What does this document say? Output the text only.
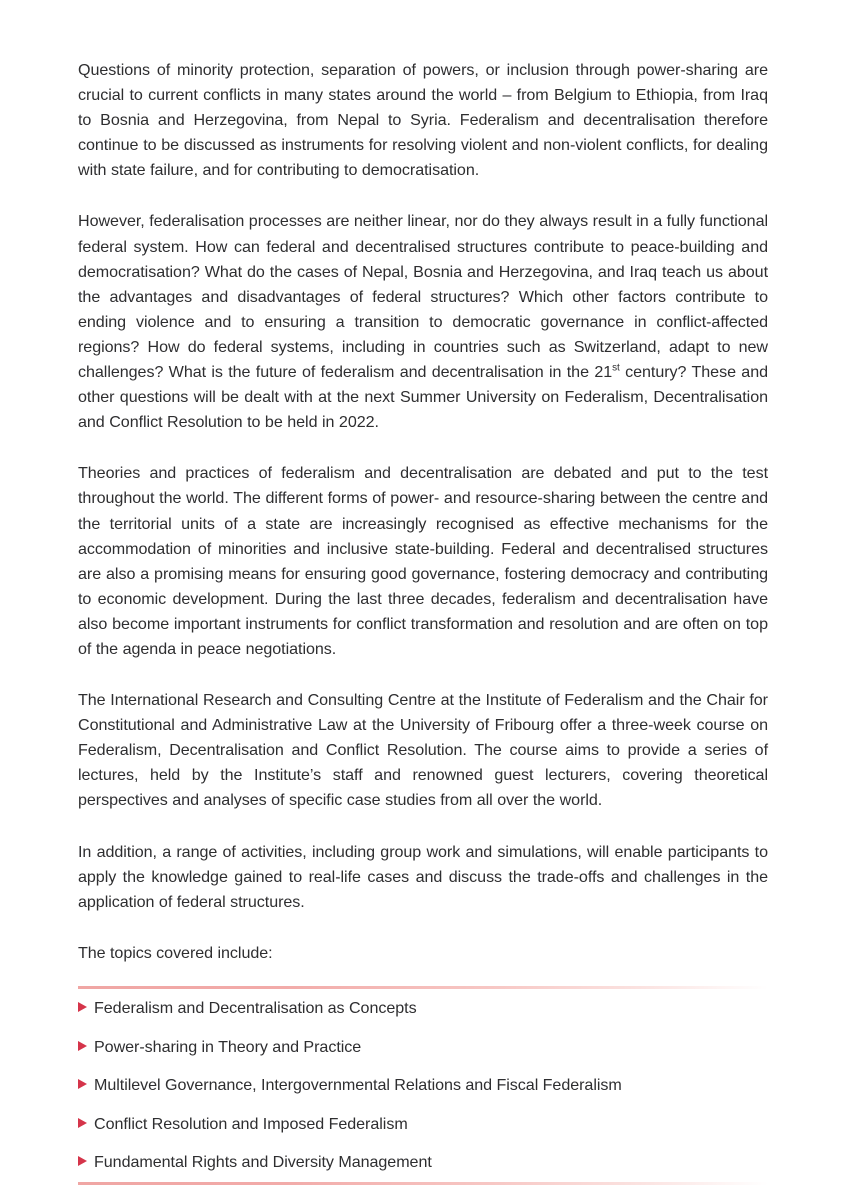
Questions of minority protection, separation of powers, or inclusion through power-sharing are crucial to current conflicts in many states around the world – from Belgium to Ethiopia, from Iraq to Bosnia and Herzegovina, from Nepal to Syria. Federalism and decentralisation therefore continue to be discussed as instruments for resolving violent and non-violent conflicts, for dealing with state failure, and for contributing to democratisation.

However, federalisation processes are neither linear, nor do they always result in a fully functional federal system. How can federal and decentralised structures contribute to peace-building and democratisation? What do the cases of Nepal, Bosnia and Herzegovina, and Iraq teach us about the advantages and disadvantages of federal structures? Which other factors contribute to ending violence and to ensuring a transition to democratic governance in conflict-affected regions? How do federal systems, including in countries such as Switzerland, adapt to new challenges? What is the future of federalism and decentralisation in the 21st century? These and other questions will be dealt with at the next Summer University on Federalism, Decentralisation and Conflict Resolution to be held in 2022.

Theories and practices of federalism and decentralisation are debated and put to the test throughout the world. The different forms of power- and resource-sharing between the centre and the territorial units of a state are increasingly recognised as effective mechanisms for the accommodation of minorities and inclusive state-building. Federal and decentralised structures are also a promising means for ensuring good governance, fostering democracy and contributing to economic development. During the last three decades, federalism and decentralisation have also become important instruments for conflict transformation and resolution and are often on top of the agenda in peace negotiations.

The International Research and Consulting Centre at the Institute of Federalism and the Chair for Constitutional and Administrative Law at the University of Fribourg offer a three-week course on Federalism, Decentralisation and Conflict Resolution. The course aims to provide a series of lectures, held by the Institute’s staff and renowned guest lecturers, covering theoretical perspectives and analyses of specific case studies from all over the world.

In addition, a range of activities, including group work and simulations, will enable participants to apply the knowledge gained to real-life cases and discuss the trade-offs and challenges in the application of federal structures.

The topics covered include:

Federalism and Decentralisation as Concepts
Power-sharing in Theory and Practice
Multilevel Governance, Intergovernmental Relations and Fiscal Federalism
Conflict Resolution and Imposed Federalism
Fundamental Rights and Diversity Management
